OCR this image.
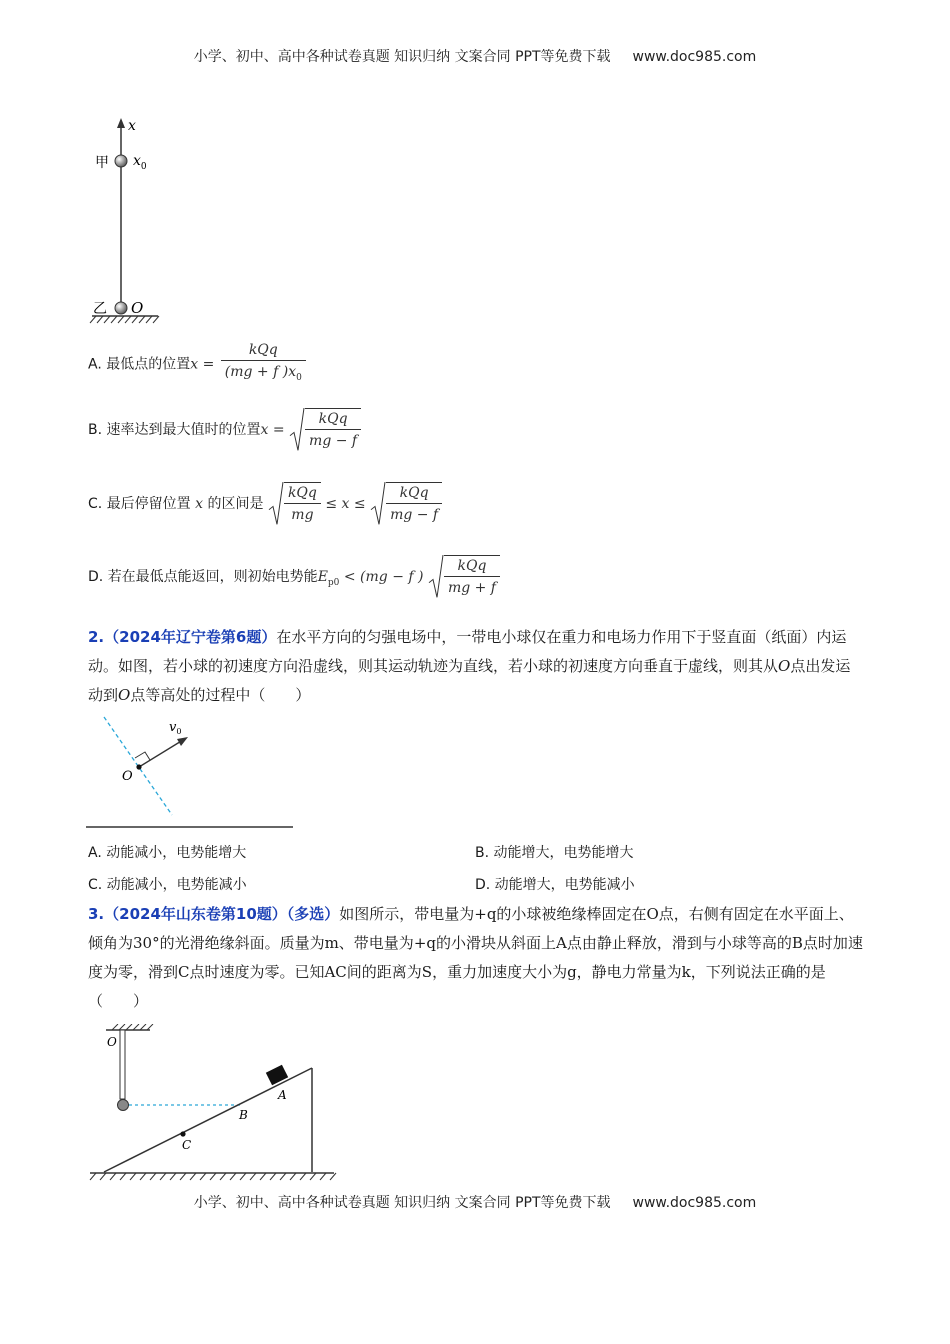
小学、初中、高中各种试卷真题 知识归纳 文案合同 PPT等免费下载 www.doc985.com
x
甲 $x_0$
乙 O
A. 最低点的位置$x = \frac{\text{kQq}}{(mg + f )x_0}$
B. 速率达到最大值时的位置$x = \frac{\text{kQq}}{mg - f}$
C. 最后停留位置 x 的区间是 $\frac{\text{kQq}}{mg} \le x \le \frac{\text{kQq}}{mg - f}$
D. 若在最低点能返回，则初始电势能$E_{p0} < (mg - f$ ) $\frac{\text{kQq}}{mg + f}$
2.（2024年辽宁卷第6题）在水平方向的匀强电场中，一带电小球仅在重力和电场力作用下于竖直面（纸面）内运动。如图，若小球的初速度方向沿虚线，则其运动轨迹为直线，若小球的初速度方向垂直于虚线，则其从O点出发运动到O点等高处的过程中（　　）
$v_0$
O
A. 动能减小，电势能增大	B. 动能增大，电势能增大
C. 动能减小，电势能减小	D. 动能增大，电势能减小
3.（2024年山东卷第10题）（多选）如图所示，带电量为+q的小球被绝缘棒固定在O点，右侧有固定在水平面上、倾角为30°的光滑绝缘斜面。质量为m、带电量为+q的小滑块从斜面上A点由静止释放，滑到与小球等高的B点时加速度为零，滑到C点时速度为零。已知AC间的距离为S，重力加速度大小为g，静电力常量为k，下列说法正确的是（　　）
O
A
B
C
小学、初中、高中各种试卷真题 知识归纳 文案合同 PPT等免费下载 www.doc985.com
